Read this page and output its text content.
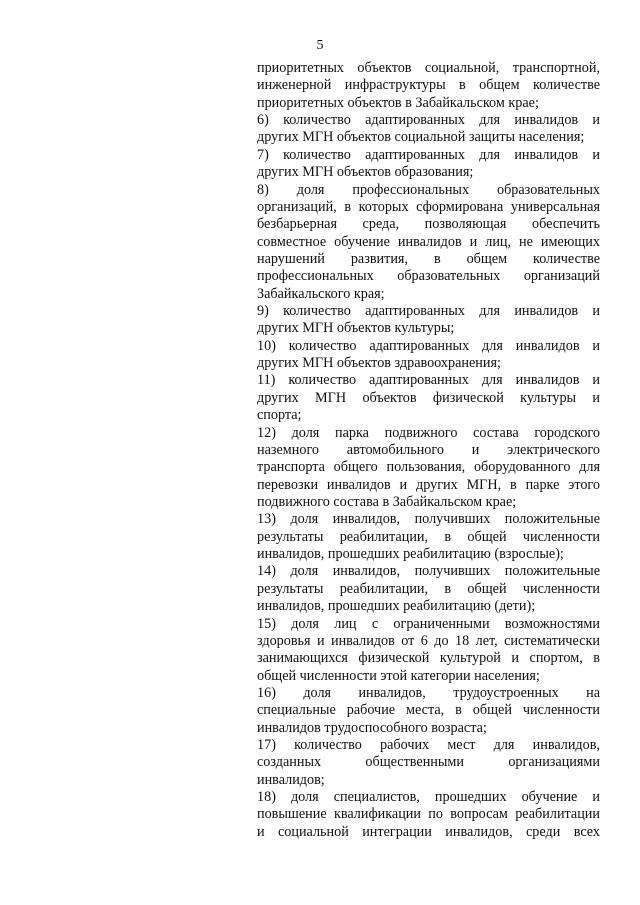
5
приоритетных объектов социальной, транспортной,
инженерной инфраструктуры в общем количестве
приоритетных объектов в Забайкальском крае;
6) количество адаптированных для инвалидов и
других МГН объектов социальной защиты населения;
7) количество адаптированных для инвалидов и
других МГН объектов образования;
8) доля профессиональных образовательных
организаций, в которых сформирована универсальная
безбарьерная среда, позволяющая обеспечить
совместное обучение инвалидов и лиц, не имеющих
нарушений развития, в общем количестве
профессиональных образовательных организаций
Забайкальского края;
9) количество адаптированных для инвалидов и
других МГН объектов культуры;
10) количество адаптированных для инвалидов и
других МГН объектов здравоохранения;
11) количество адаптированных для инвалидов и
других МГН объектов физической культуры и
спорта;
12) доля парка подвижного состава городского
наземного автомобильного и электрического
транспорта общего пользования, оборудованного для
перевозки инвалидов и других МГН, в парке этого
подвижного состава в Забайкальском крае;
13) доля инвалидов, получивших положительные
результаты реабилитации, в общей численности
инвалидов, прошедших реабилитацию (взрослые);
14) доля инвалидов, получивших положительные
результаты реабилитации, в общей численности
инвалидов, прошедших реабилитацию (дети);
15) доля лиц с ограниченными возможностями
здоровья и инвалидов от 6 до 18 лет, систематически
занимающихся физической культурой и спортом, в
общей численности этой категории населения;
16) доля инвалидов, трудоустроенных на
специальные рабочие места, в общей численности
инвалидов трудоспособного возраста;
17) количество рабочих мест для инвалидов,
созданных общественными организациями
инвалидов;
18) доля специалистов, прошедших обучение и
повышение квалификации по вопросам реабилитации
и социальной интеграции инвалидов, среди всех
